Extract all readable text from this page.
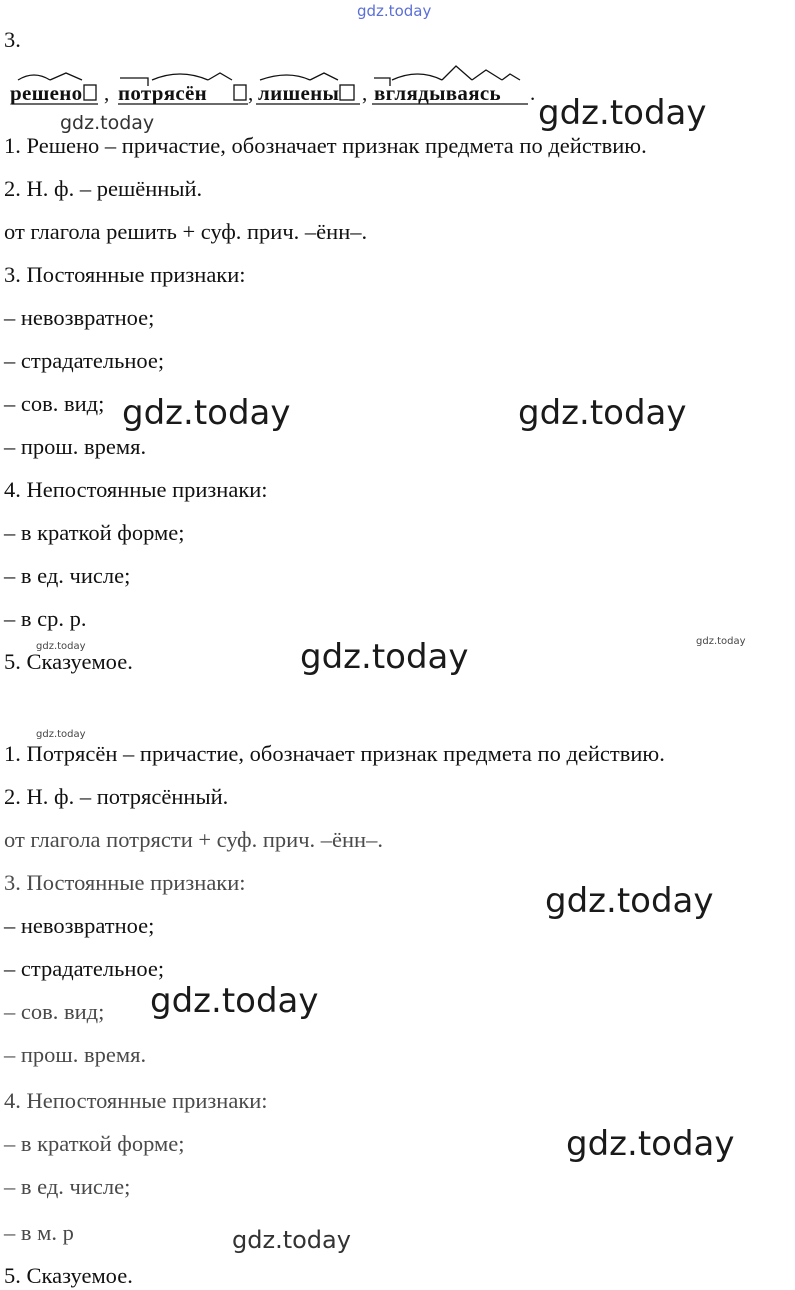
gdz.today
3.
решено , потрясён , лишены , вглядываясь .
1. Решено – причастие, обозначает признак предмета по действию.
2. Н. ф. – решённый.
от глагола решить + суф. прич. –ённ–.
3. Постоянные признаки:
– невозвратное;
– страдательное;
– сов. вид;
– прош. время.
4. Непостоянные признаки:
– в краткой форме;
– в ед. числе;
– в ср. р.
5. Сказуемое.
1. Потрясён – причастие, обозначает признак предмета по действию.
2. Н. ф. – потрясённый.
от глагола потрясти + суф. прич. –ённ–.
3. Постоянные признаки:
– невозвратное;
– страдательное;
– сов. вид;
– прош. время.
4. Непостоянные признаки:
– в краткой форме;
– в ед. числе;
– в м. р
5. Сказуемое.
gdz.today
gdz.today
gdz.today	gdz.today
gdz.today	gdz.today	gdz.today
gdz.today
gdz.today
gdz.today
gdz.today
gdz.today
